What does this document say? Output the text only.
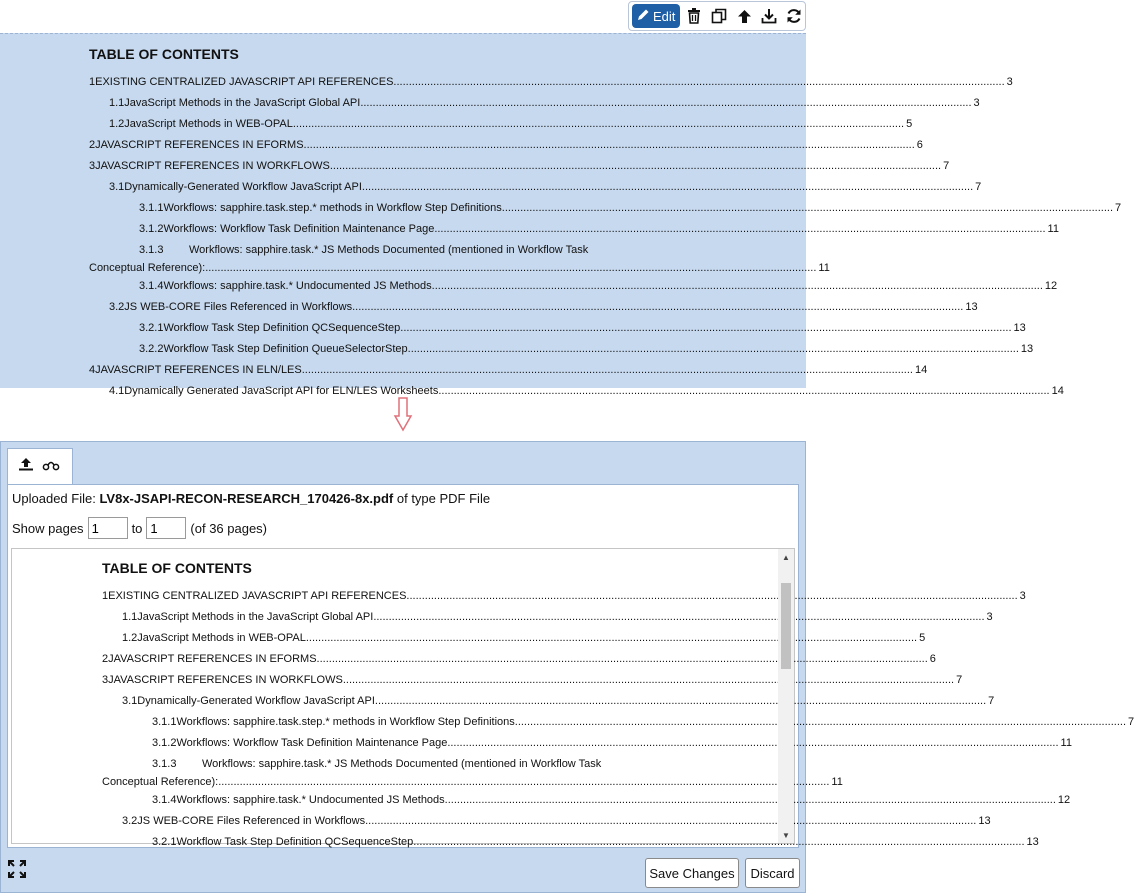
Edit
TABLE OF CONTENTS
1 EXISTING CENTRALIZED JAVASCRIPT API REFERENCES .....	3
1.1 JavaScript Methods in the JavaScript Global API .....	3
1.2 JavaScript Methods in WEB-OPAL .....	5
2 JAVASCRIPT REFERENCES IN EFORMS .....	6
3 JAVASCRIPT REFERENCES IN WORKFLOWS .....	7
3.1 Dynamically-Generated Workflow JavaScript API .....	7
3.1.1 Workflows: sapphire.task.step.* methods in Workflow Step Definitions .....	7
3.1.2 Workflows: Workflow Task Definition Maintenance Page .....	11
3.1.3	Workflows: sapphire.task.* JS Methods Documented (mentioned in Workflow Task
Conceptual Reference): .....	11
3.1.4 Workflows: sapphire.task.* Undocumented JS Methods .....	12
3.2 JS WEB-CORE Files Referenced in Workflows .....	13
3.2.1 Workflow Task Step Definition QCSequenceStep .....	13
3.2.2 Workflow Task Step Definition QueueSelectorStep .....	13
4 JAVASCRIPT REFERENCES IN ELN/LES .....	14
4.1 Dynamically Generated JavaScript API for ELN/LES Worksheets .....	14
Uploaded File: LV8x-JSAPI-RECON-RESEARCH_170426-8x.pdf of type PDF File
Show pages
1	to
1	(of 36 pages)
TABLE OF CONTENTS
1 EXISTING CENTRALIZED JAVASCRIPT API REFERENCES .....	3
1.1 JavaScript Methods in the JavaScript Global API .....	3
1.2 JavaScript Methods in WEB-OPAL .....	5
2 JAVASCRIPT REFERENCES IN EFORMS .....	6
3 JAVASCRIPT REFERENCES IN WORKFLOWS .....	7
3.1 Dynamically-Generated Workflow JavaScript API .....	7
3.1.1 Workflows: sapphire.task.step.* methods in Workflow Step Definitions .....	7
3.1.2 Workflows: Workflow Task Definition Maintenance Page .....	11
3.1.3	Workflows: sapphire.task.* JS Methods Documented (mentioned in Workflow Task
Conceptual Reference): .....	11
3.1.4 Workflows: sapphire.task.* Undocumented JS Methods .....	12
3.2 JS WEB-CORE Files Referenced in Workflows .....	13
3.2.1 Workflow Task Step Definition QCSequenceStep .....	13
▲
▼
Save Changes	Discard
